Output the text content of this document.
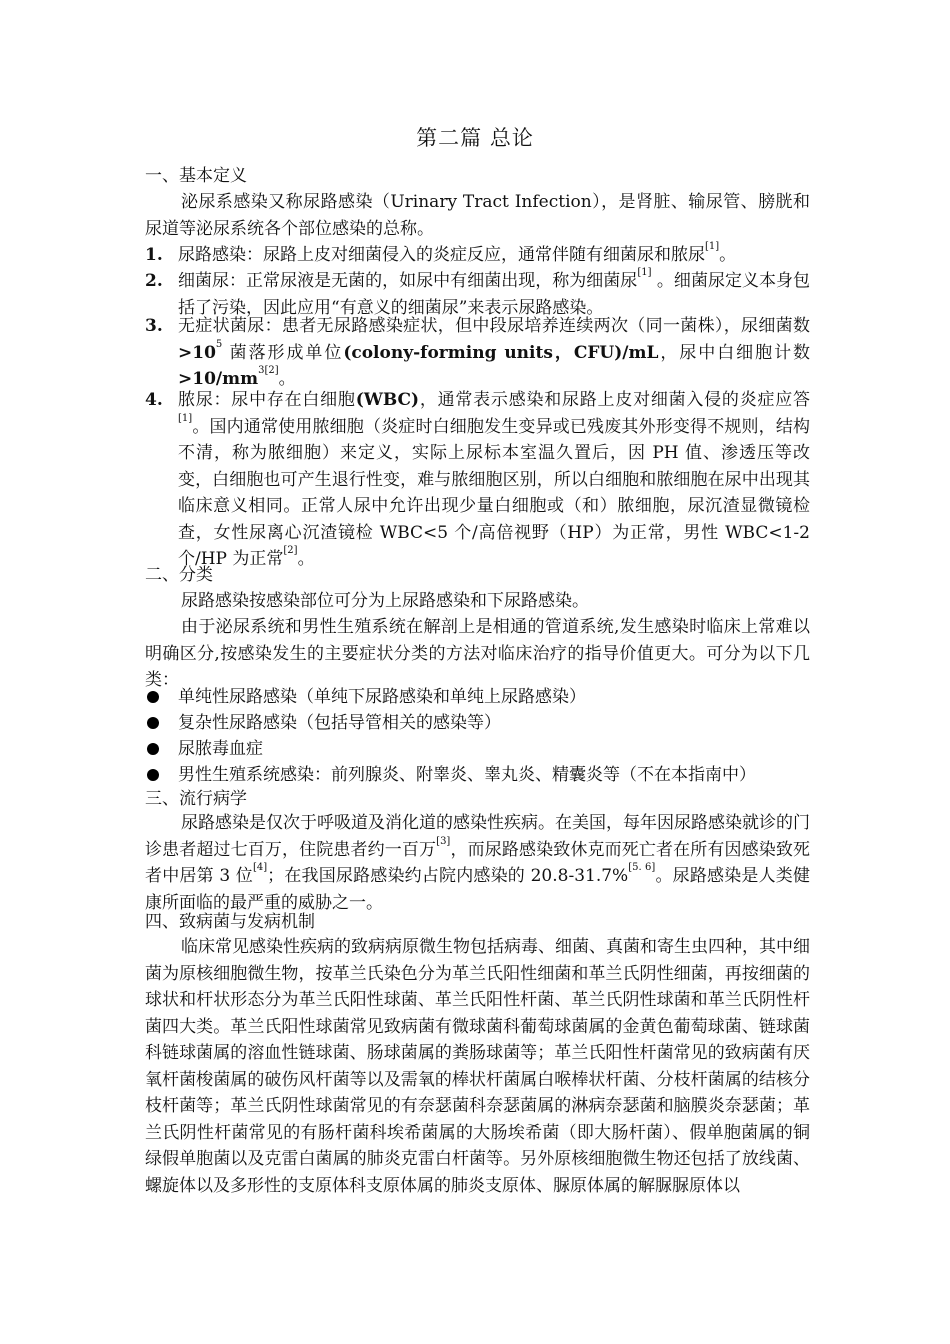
第二篇 总论
一、基本定义
泌尿系感染又称尿路感染（Urinary Tract Infection），是肾脏、输尿管、膀胱和尿道等泌尿系统各个部位感染的总称。
1. 尿路感染：尿路上皮对细菌侵入的炎症反应，通常伴随有细菌尿和脓尿[1]。
2. 细菌尿：正常尿液是无菌的，如尿中有细菌出现，称为细菌尿[1] 。细菌尿定义本身包括了污染，因此应用“有意义的细菌尿”来表示尿路感染。
3. 无症状菌尿：患者无尿路感染症状，但中段尿培养连续两次（同一菌株），尿细菌数$>10^5$ 菌落形成单位(colony-forming units，CFU)/mL，尿中白细胞计数$>10/mm^{3[2]}$。
4. 脓尿：尿中存在白细胞(WBC)，通常表示感染和尿路上皮对细菌入侵的炎症应答[1]。国内通常使用脓细胞（炎症时白细胞发生变异或已残废其外形变得不规则，结构不清，称为脓细胞）来定义，实际上尿标本室温久置后，因 PH 值、渗透压等改变，白细胞也可产生退行性变，难与脓细胞区别，所以白细胞和脓细胞在尿中出现其临床意义相同。正常人尿中允许出现少量白细胞或（和）脓细胞，尿沉渣显微镜检查，女性尿离心沉渣镜检 WBC<5 个/高倍视野（HP）为正常，男性 WBC<1-2 个/HP 为正常[2]。
二、分类
尿路感染按感染部位可分为上尿路感染和下尿路感染。
由于泌尿系统和男性生殖系统在解剖上是相通的管道系统,发生感染时临床上常难以明确区分,按感染发生的主要症状分类的方法对临床治疗的指导价值更大。可分为以下几类：
单纯性尿路感染（单纯下尿路感染和单纯上尿路感染）
复杂性尿路感染（包括导管相关的感染等）
尿脓毒血症
男性生殖系统感染：前列腺炎、附睾炎、睾丸炎、精囊炎等（不在本指南中）
三、流行病学
尿路感染是仅次于呼吸道及消化道的感染性疾病。在美国，每年因尿路感染就诊的门诊患者超过七百万，住院患者约一百万[3]，而尿路感染致休克而死亡者在所有因感染致死者中居第 3 位[4]；在我国尿路感染约占院内感染的 20.8-31.7%[5. 6]。尿路感染是人类健康所面临的最严重的威胁之一。
四、致病菌与发病机制
临床常见感染性疾病的致病病原微生物包括病毒、细菌、真菌和寄生虫四种，其中细菌为原核细胞微生物，按革兰氏染色分为革兰氏阳性细菌和革兰氏阴性细菌，再按细菌的球状和杆状形态分为革兰氏阳性球菌、革兰氏阳性杆菌、革兰氏阴性球菌和革兰氏阴性杆菌四大类。革兰氏阳性球菌常见致病菌有微球菌科葡萄球菌属的金黄色葡萄球菌、链球菌科链球菌属的溶血性链球菌、肠球菌属的粪肠球菌等；革兰氏阳性杆菌常见的致病菌有厌氧杆菌梭菌属的破伤风杆菌等以及需氧的棒状杆菌属白喉棒状杆菌、分枝杆菌属的结核分枝杆菌等；革兰氏阴性球菌常见的有奈瑟菌科奈瑟菌属的淋病奈瑟菌和脑膜炎奈瑟菌；革兰氏阴性杆菌常见的有肠杆菌科埃希菌属的大肠埃希菌（即大肠杆菌）、假单胞菌属的铜绿假单胞菌以及克雷白菌属的肺炎克雷白杆菌等。另外原核细胞微生物还包括了放线菌、螺旋体以及多形性的支原体科支原体属的肺炎支原体、脲原体属的解脲脲原体以
